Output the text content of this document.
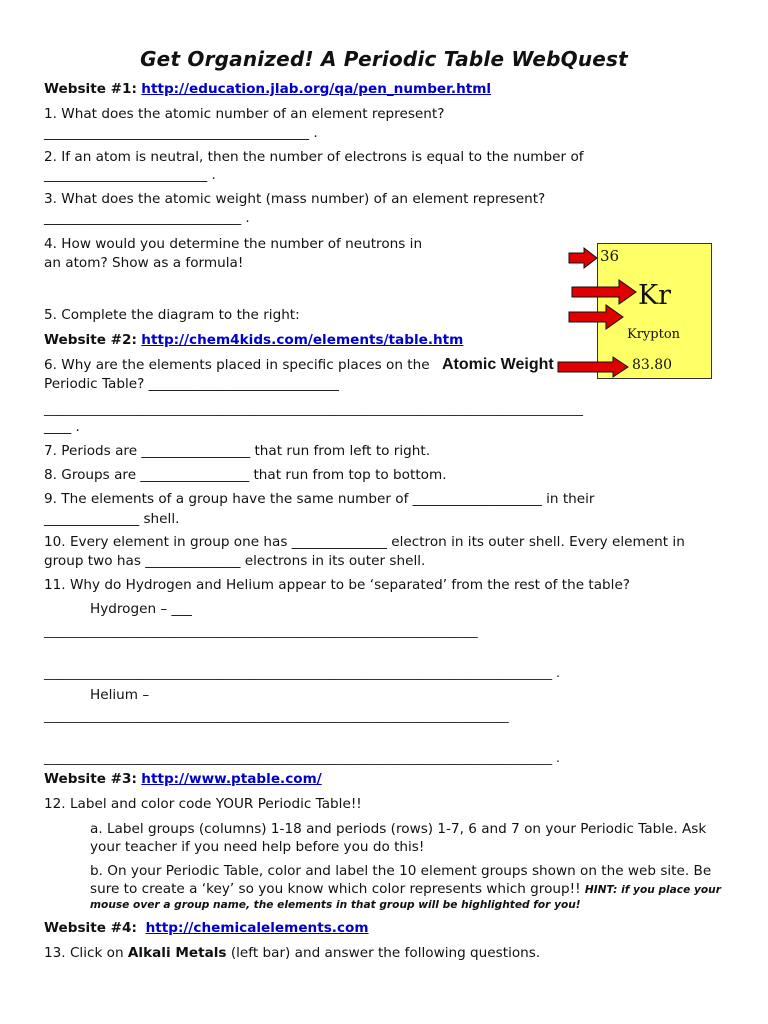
Get Organized! A Periodic Table WebQuest
Website #1: http://education.jlab.org/qa/pen_number.html
1. What does the atomic number of an element represent?
_______________________________________ .
2. If an atom is neutral, then the number of electrons is equal to the number of
________________________ .
3. What does the atomic weight (mass number) of an element represent?
_____________________________ .
4. How would you determine the number of neutrons in
an atom? Show as a formula!
5. Complete the diagram to the right:
Website #2: http://chem4kids.com/elements/table.htm
6. Why are the elements placed in specific places on the
Periodic Table? ____________________________
_______________________________________________________________________________________
____ .
7. Periods are ________________ that run from left to right.
8. Groups are ________________ that run from top to bottom.
9. The elements of a group have the same number of ___________________ in their
______________ shell.
10. Every element in group one has ______________ electron in its outer shell. Every element in
group two has ______________ electrons in its outer shell.
11. Why do Hydrogen and Helium appear to be ‘separated’ from the rest of the table?
Hydrogen – ___
______________________________________________________________________
__________________________________________________________________________________ .
Helium –
___________________________________________________________________________
__________________________________________________________________________________ .
Website #3: http://www.ptable.com/
12. Label and color code YOUR Periodic Table!!
a. Label groups (columns) 1-18 and periods (rows) 1-7, 6 and 7 on your Periodic Table. Ask
your teacher if you need help before you do this!
b. On your Periodic Table, color and label the 10 element groups shown on the web site. Be
sure to create a ‘key’ so you know which color represents which group!! HINT: if you place your
mouse over a group name, the elements in that group will be highlighted for you!
Website #4: http://chemicalelements.com
13. Click on Alkali Metals (left bar) and answer the following questions.
36
Kr
Krypton
83.80
Atomic Weight
